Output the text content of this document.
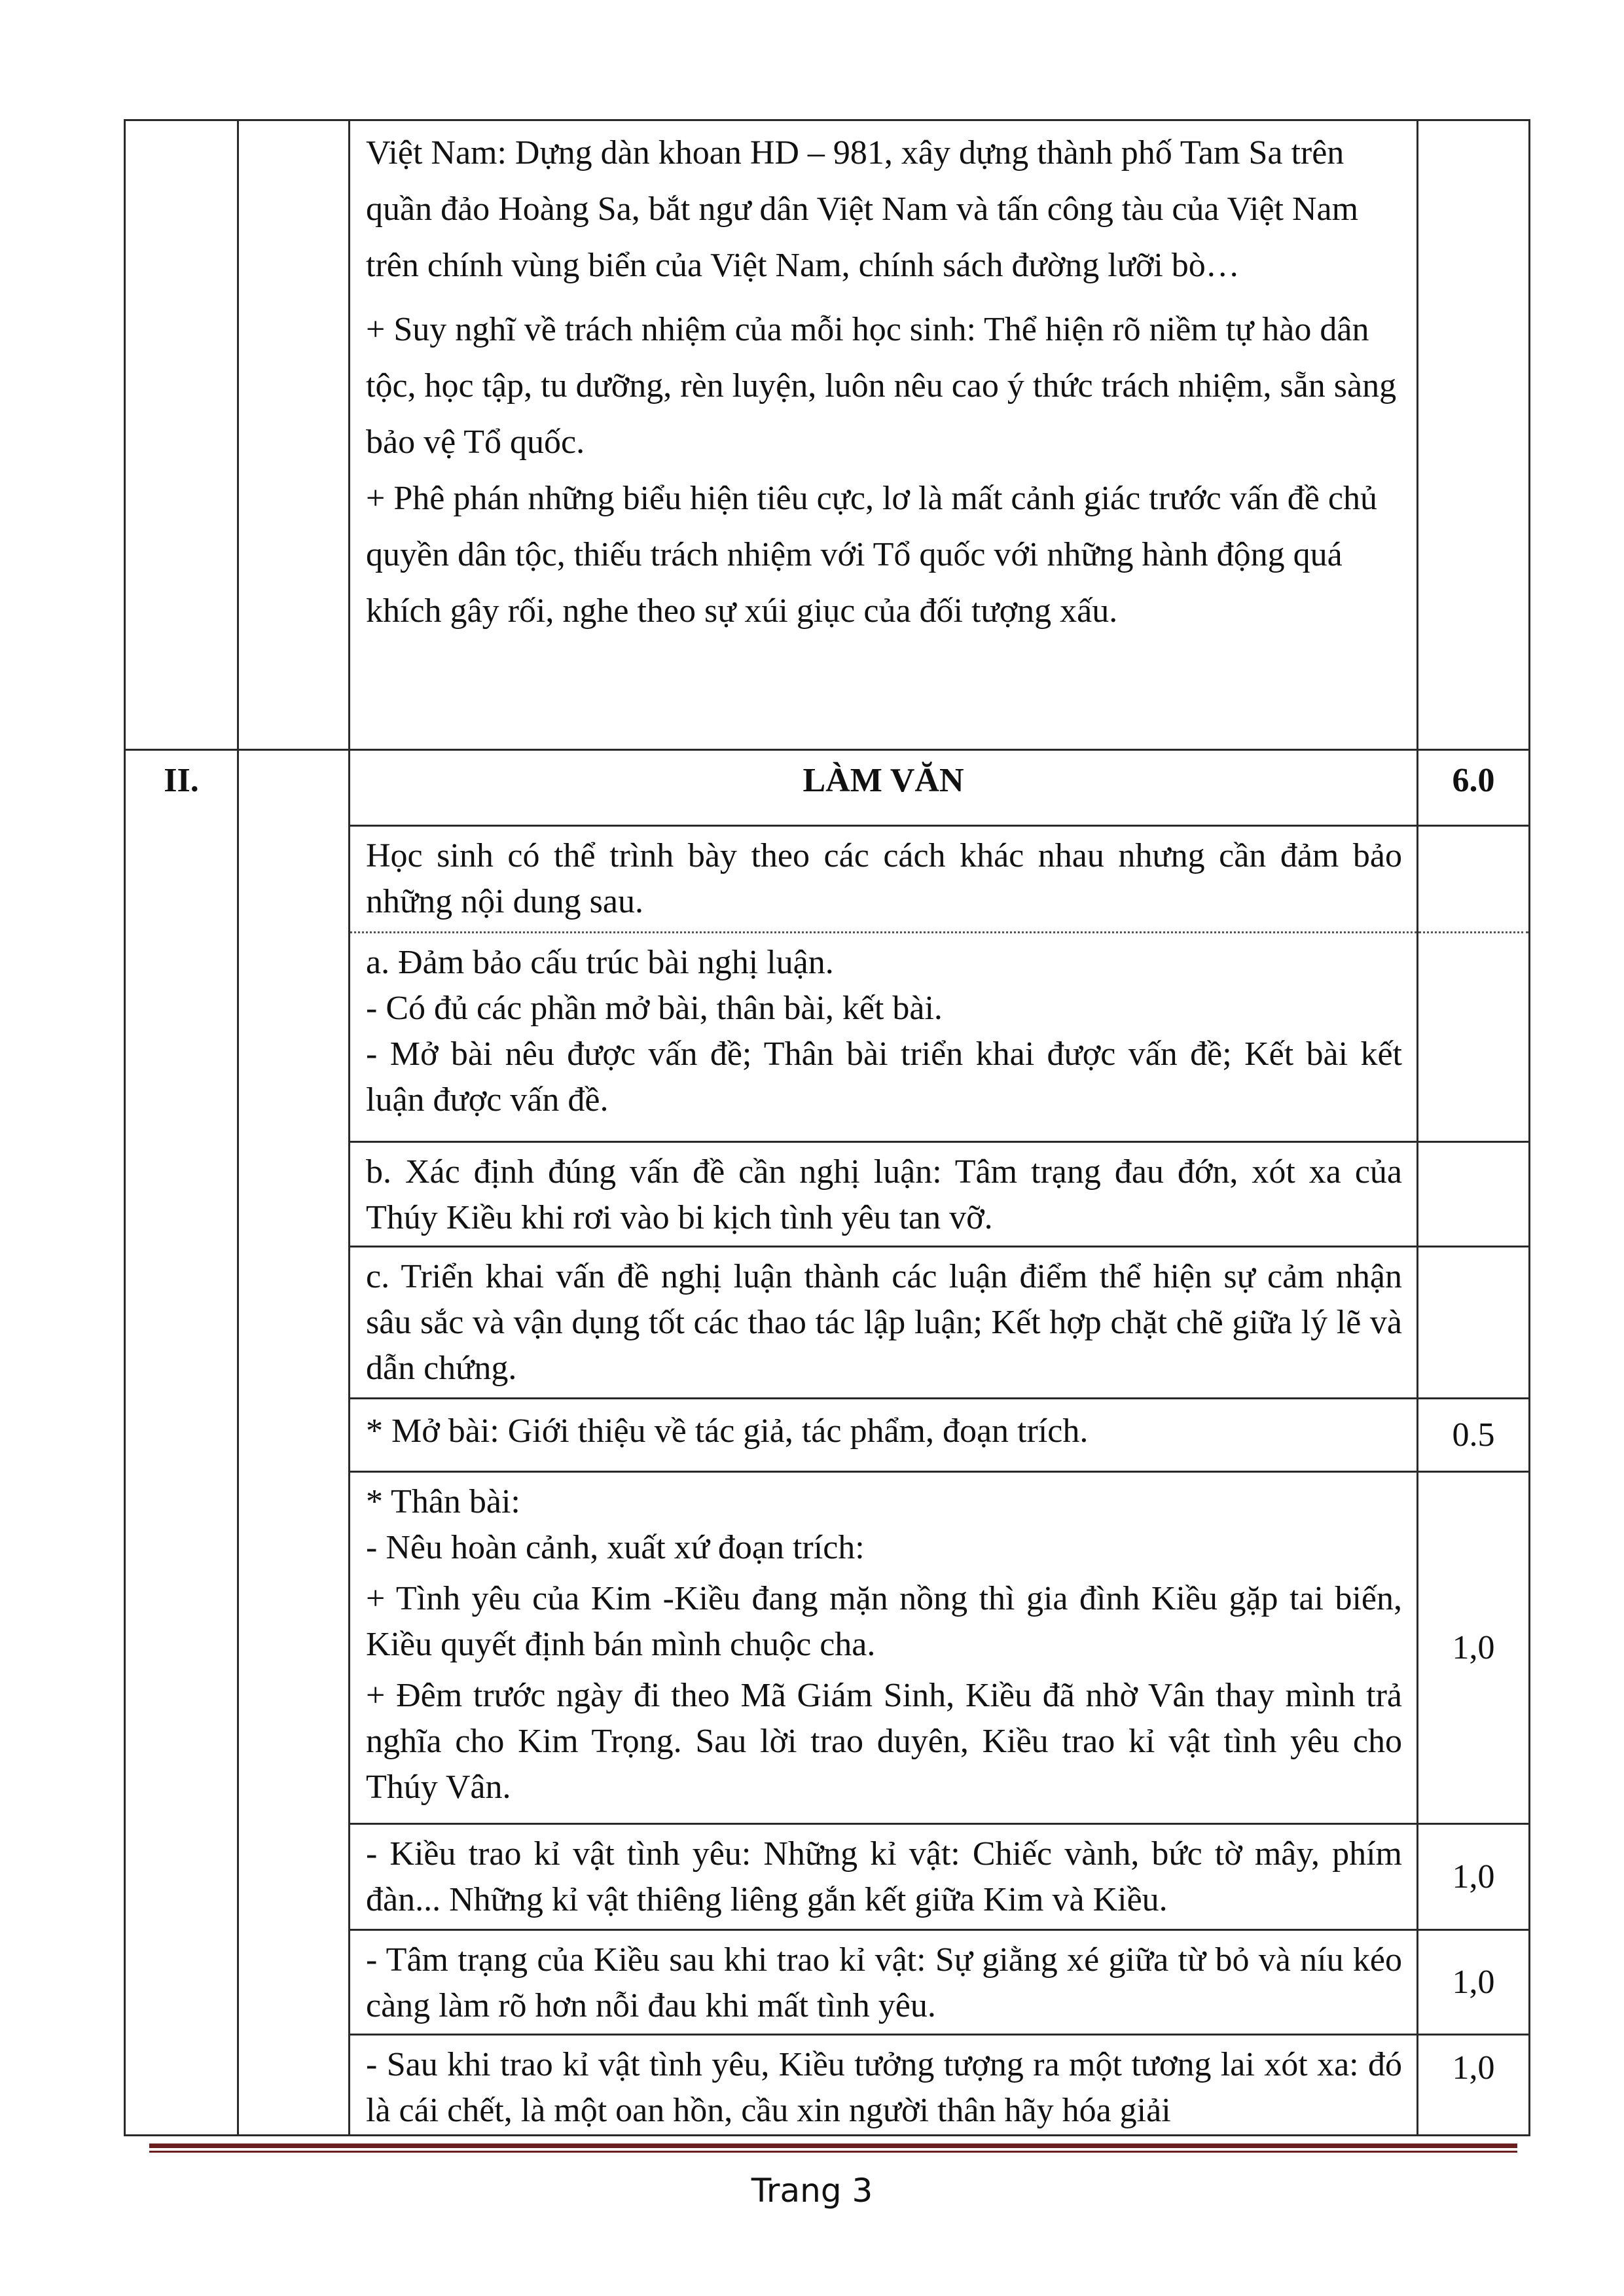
		Việt Nam: Dựng dàn khoan HD – 981, xây dựng thành phố Tam Sa trên quần đảo Hoàng Sa, bắt ngư dân Việt Nam và tấn công tàu của Việt Nam trên chính vùng biển của Việt Nam, chính sách đường lưỡi bò…
+ Suy nghĩ về trách nhiệm của mỗi học sinh: Thể hiện rõ niềm tự hào dân tộc, học tập, tu dưỡng, rèn luyện, luôn nêu cao ý thức trách nhiệm, sẵn sàng bảo vệ Tổ quốc.
+ Phê phán những biểu hiện tiêu cực, lơ là mất cảnh giác trước vấn đề chủ quyền dân tộc, thiếu trách nhiệm với Tổ quốc với những hành động quá khích gây rối, nghe theo sự xúi giục của đối tượng xấu.	

II.		LÀM VĂN	6.0

		Học sinh có thể trình bày theo các cách khác nhau nhưng cần đảm bảo những nội dung sau.	

		a. Đảm bảo cấu trúc bài nghị luận.
- Có đủ các phần mở bài, thân bài, kết bài.
- Mở bài nêu được vấn đề; Thân bài triển khai được vấn đề; Kết bài kết luận được vấn đề.	

		b. Xác định đúng vấn đề cần nghị luận: Tâm trạng đau đớn, xót xa của Thúy Kiều khi rơi vào bi kịch tình yêu tan vỡ.	

		c. Triển khai vấn đề nghị luận thành các luận điểm thể hiện sự cảm nhận sâu sắc và vận dụng tốt các thao tác lập luận; Kết hợp chặt chẽ giữa lý lẽ và dẫn chứng.	

		* Mở bài: Giới thiệu về tác giả, tác phẩm, đoạn trích.	0.5

		* Thân bài:
- Nêu hoàn cảnh, xuất xứ đoạn trích:
+ Tình yêu của Kim -Kiều đang mặn nồng thì gia đình Kiều gặp tai biến, Kiều quyết định bán mình chuộc cha.
+ Đêm trước ngày đi theo Mã Giám Sinh, Kiều đã nhờ Vân thay mình trả nghĩa cho Kim Trọng. Sau lời trao duyên, Kiều trao kỉ vật tình yêu cho Thúy Vân.	1,0

		- Kiều trao kỉ vật tình yêu: Những kỉ vật: Chiếc vành, bức tờ mây, phím đàn... Những kỉ vật thiêng liêng gắn kết giữa Kim và Kiều.	1,0

		- Tâm trạng của Kiều sau khi trao kỉ vật: Sự giằng xé giữa từ bỏ và níu kéo càng làm rõ hơn nỗi đau khi mất tình yêu.	1,0

		- Sau khi trao kỉ vật tình yêu, Kiều tưởng tượng ra một tương lai xót xa: đó là cái chết, là một oan hồn, cầu xin người thân hãy hóa giải	1,0
Trang 3
